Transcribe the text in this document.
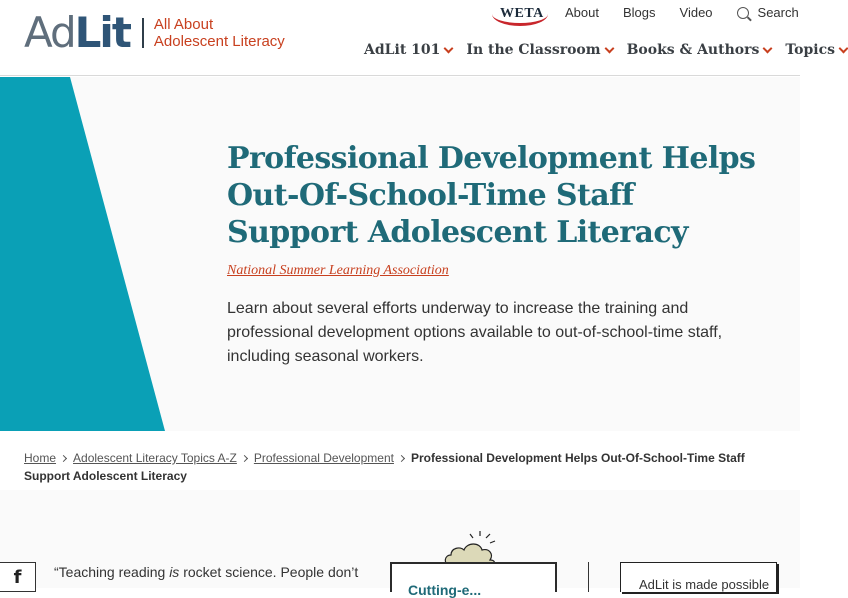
AdLit All About
Adolescent Literacy
WETA About Blogs Video	Search
AdLit 101 In the Classroom Books & Authors Topics
Professional Development Helps Out-Of-School-Time Staff Support Adolescent Literacy
National Summer Learning Association

Learn about several efforts underway to increase the training and professional development options available to out-of-school-time staff, including seasonal workers.

Home Adolescent Literacy Topics A-Z Professional Development Professional Development Helps Out-Of-School-Time Staff Support Adolescent Literacy
f “Teaching reading is rocket science. People don’t

Cutting-e...	AdLit is made possible
